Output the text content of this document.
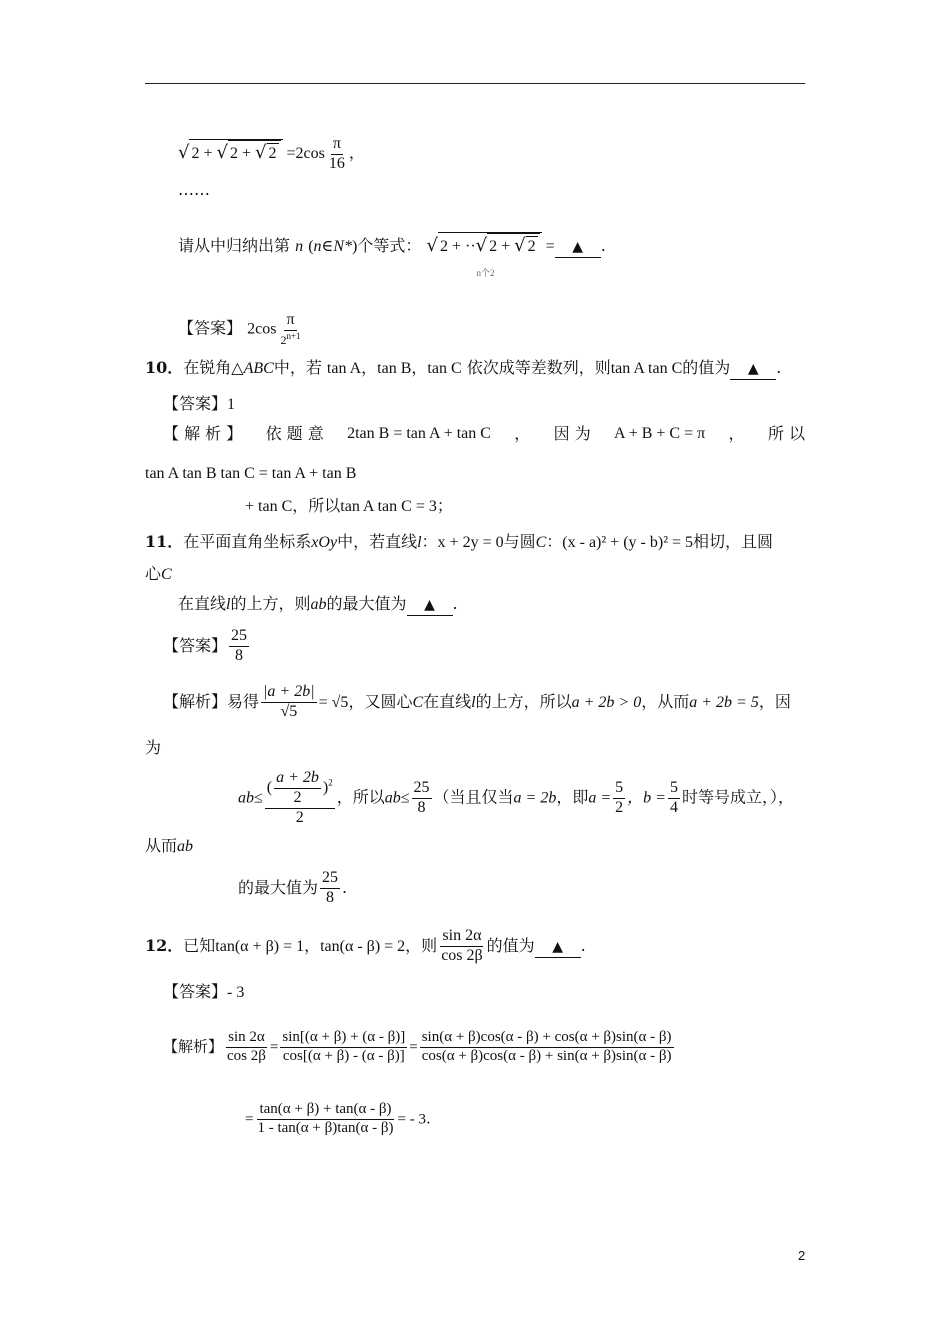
√ 2 + √ 2 + √ $2 =2\cos \frac{\pi}{16}$ ，
……
请从中归纳出第 n (n∈N*)个等式： √ 2 + ··√ 2 + √ 2
n个2
= ▲ .
【答案】 $2\cos \frac{\pi}{2^{n+1}}$
10．在锐角△ABC中，若 tan A，tan B，tan C 依次成等差数列，则tan A tan C的值为 ▲ .
【答案】1
【 解 析 】 依 题 意 2tan B = tan A + tan C ， 因 为 A + B + C = π ， 所 以
tan A tan B tan C = tan A + tan B
+ tan C，所以tan A tan C = 3；
11．在平面直角坐标系xOy中，若直线l：x + 2y = 0与圆C：(x - a)² + (y - b)² = 5相切，且圆
心C
在直线l的上方，则ab的最大值为 ▲ .
【答案】 $\frac{25}{8}$
【解析】易得 $\frac{|a + 2b|}{√5} = √5$，又圆心C在直线l的上方，所以a + 2b > 0，从而a + 2b = 5，因
为
$ab\le \frac{( \frac{a + 2b}{2} )^2}{2}$ ，所以$ab\le \frac{25}{8}$ （当且仅当a = 2b，即$a = \frac{5}{2}$ ，$b = \frac{5}{4}$ 时等号成立，），
从而ab
的最大值为 $\frac{25}{8}$ .
12．已知tan(α + β) = 1，tan(α - β) = 2，则 $\frac{\sin 2\alpha}{\cos 2\beta}$ 的值为 ▲ .
【答案】- 3
【解析】 $\frac{\sin 2\alpha}{\cos 2\beta} = \frac{\sin[(\alpha + \beta) + (\alpha - \beta)]}{\cos[(\alpha + \beta) - (\alpha - \beta)]} = \frac{\sin(\alpha + \beta)\cos(\alpha - \beta) + \cos(\alpha + \beta)\sin(\alpha - \beta)}{\cos(\alpha + \beta)\cos(\alpha - \beta) + \sin(\alpha + \beta)\sin(\alpha - \beta)}$
= $\frac{\tan(\alpha + \beta) + \tan(\alpha - \beta)}{1 - \tan(\alpha + \beta)\tan(\alpha - \beta)}$ = - 3.
2
